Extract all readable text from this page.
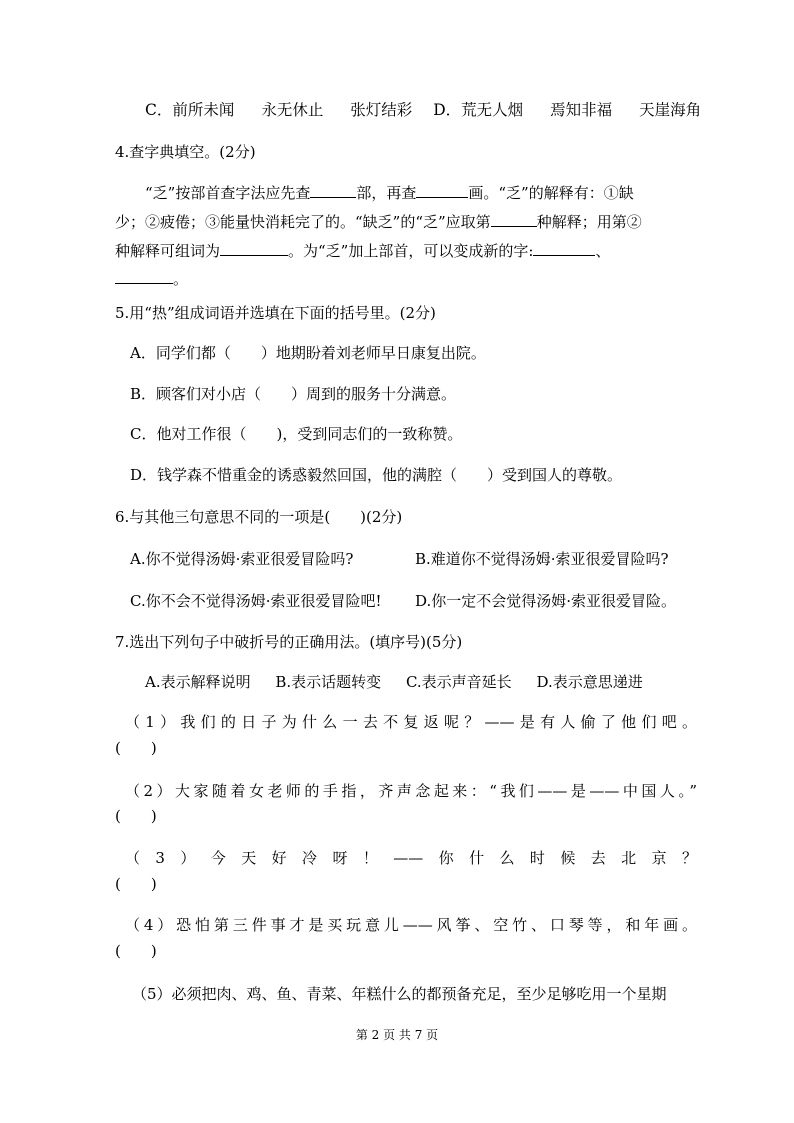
C．前所未闻 永无休止 张灯结彩 D．荒无人烟 焉知非福 天崖海角
4.查字典填空。(2分)
“乏”按部首查字法应先查	部，再查	画。“乏”的解释有：①缺
少；②疲倦；③能量快消耗完了的。“缺乏”的“乏”应取第	种解释；用第②
种解释可组词为	。为“乏”加上部首，可以变成新的字:	、
。
5.用“热”组成词语并选填在下面的括号里。(2分)
A．同学们都（　　）地期盼着刘老师早日康复出院。
B．顾客们对小店（　　）周到的服务十分满意。
C．他对工作很（　　)，受到同志们的一致称赞。
D．钱学森不惜重金的诱惑毅然回国，他的满腔（　　）受到国人的尊敬。
6.与其他三句意思不同的一项是(　　)(2分)
A.你不觉得汤姆·索亚很爱冒险吗?	B.难道你不觉得汤姆·索亚很爱冒险吗?
C.你不会不觉得汤姆·索亚很爱冒险吧! D.你一定不会觉得汤姆·索亚很爱冒险。
7.选出下列句子中破折号的正确用法。(填序号)(5分)
A.表示解释说明 B.表示话题转变 C.表示声音延长 D.表示意思递进
（1）我们的日子为什么一去不复返呢？——是有人偷了他们吧。
(　　)
（2）大家随着女老师的手指，齐声念起来：“我们——是——中国人。”
(　　)
（3）今天好冷呀！——你什么时候去北京？
(　　)
（4）恐怕第三件事才是买玩意儿——风筝、空竹、口琴等，和年画。
(　　)
（5）必须把肉、鸡、鱼、青菜、年糕什么的都预备充足，至少足够吃用一个星期
第 2 页 共 7 页
